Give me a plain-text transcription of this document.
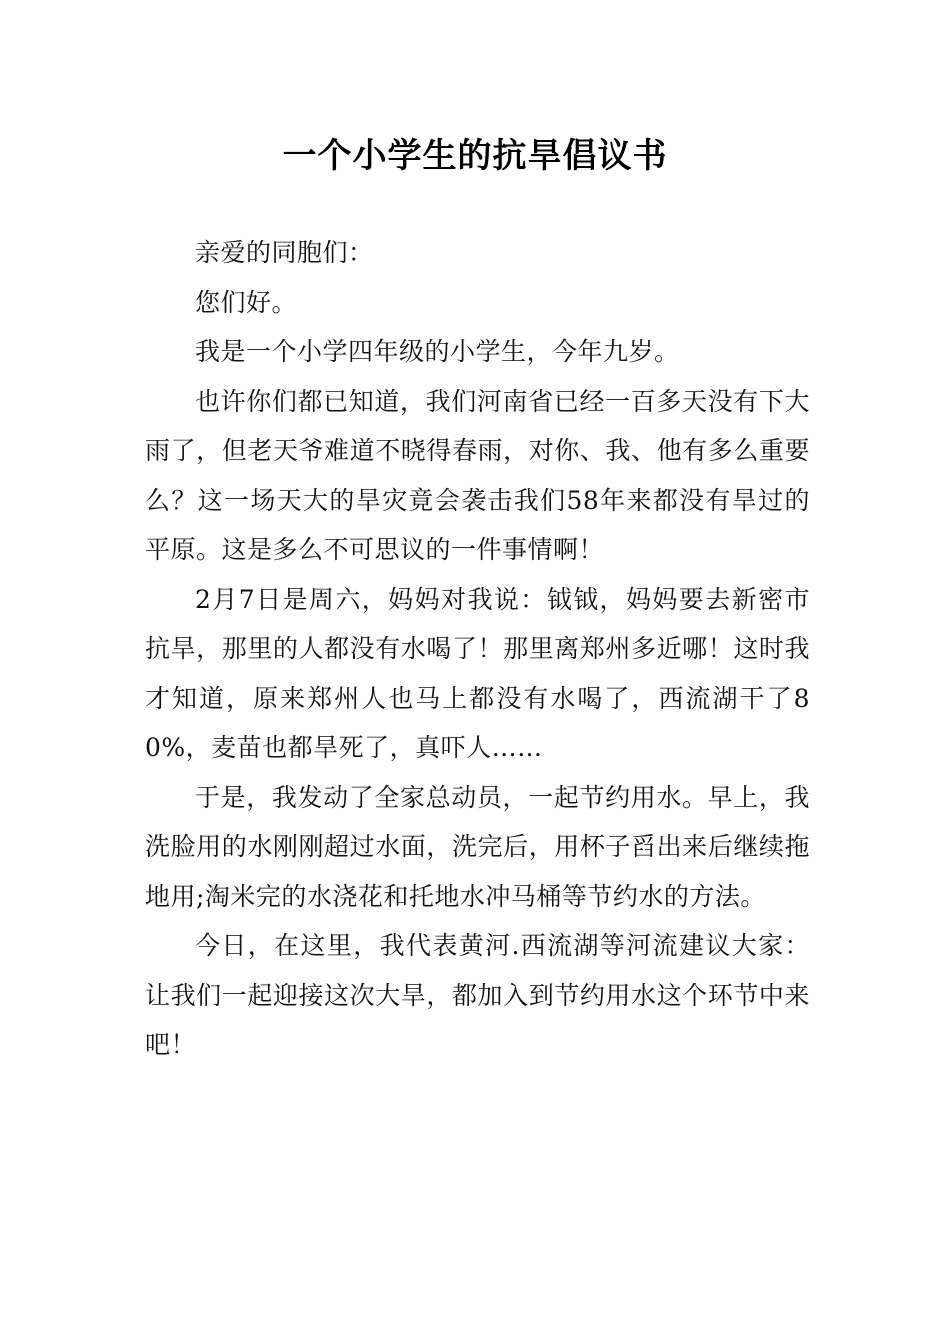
一个小学生的抗旱倡议书

亲爱的同胞们：

您们好。

我是一个小学四年级的小学生，今年九岁。

也许你们都已知道，我们河南省已经一百多天没有下大雨了，但老天爷难道不晓得春雨，对你、我、他有多么重要么？这一场天大的旱灾竟会袭击我们58年来都没有旱过的平原。这是多么不可思议的一件事情啊！

2月7日是周六，妈妈对我说：钺钺，妈妈要去新密市抗旱，那里的人都没有水喝了！那里离郑州多近哪！这时我才知道，原来郑州人也马上都没有水喝了，西流湖干了80%，麦苗也都旱死了，真吓人……

于是，我发动了全家总动员，一起节约用水。早上，我洗脸用的水刚刚超过水面，洗完后，用杯子舀出来后继续拖地用;淘米完的水浇花和托地水冲马桶等节约水的方法。

今日，在这里，我代表黄河.西流湖等河流建议大家：让我们一起迎接这次大旱，都加入到节约用水这个环节中来吧！
